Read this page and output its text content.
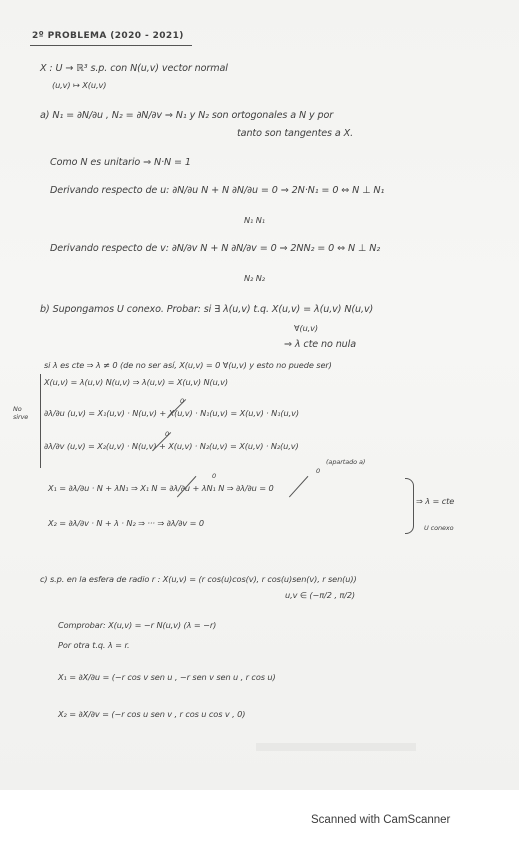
2º PROBLEMA (2020 - 2021)
X : U → ℝ³ s.p. con N(u,v) vector normal
(u,v) ↦ X(u,v)
a) N₁ = ∂N/∂u , N₂ = ∂N/∂v ⇒ N₁ y N₂ son ortogonales a N y por
tanto son tangentes a X.
Como N es unitario ⇒ N·N = 1
Derivando respecto de u: ∂N/∂u N + N ∂N/∂u = 0 ⇒ 2N·N₁ = 0 ⇔ N ⊥ N₁
N₁ N₁
Derivando respecto de v: ∂N/∂v N + N ∂N/∂v = 0 ⇒ 2NN₂ = 0 ⇔ N ⊥ N₂
N₂ N₂
b) Supongamos U conexo. Probar: si ∃ λ(u,v) t.q. X(u,v) = λ(u,v) N(u,v)
∀(u,v)
⇒ λ cte no nula
si λ es cte ⇒ λ ≠ 0 (de no ser así, X(u,v) = 0 ∀(u,v) y esto no puede ser)
X(u,v) = λ(u,v) N(u,v) ⇒ λ(u,v) = X(u,v) N(u,v)
No sirve	∂λ/∂u (u,v) = X₁(u,v) · N(u,v) + X(u,v) · N₁(u,v) = X(u,v) · N₁(u,v)
∂λ/∂v (u,v) = X₂(u,v) · N(u,v) + X(u,v) · N₂(u,v) = X(u,v) · N₂(u,v)
0
0
(apartado a)
X₁ = ∂λ/∂u · N + λN₁ ⇒ X₁ N = ∂λ/∂u + λN₁ N ⇒ ∂λ/∂u = 0
0
0
⇒ λ = cte
X₂ = ∂λ/∂v · N + λ · N₂ ⇒ ··· ⇒ ∂λ/∂v = 0	U conexo
c) s.p. en la esfera de radio r : X(u,v) = (r cos(u)cos(v), r cos(u)sen(v), r sen(u))
u,v ∈ (−π/2 , π/2)
Comprobar: X(u,v) = −r N(u,v) (λ = −r)
Por otra t.q. λ = r.
X₁ = ∂X/∂u = (−r cos v sen u , −r sen v sen u , r cos u)
X₂ = ∂X/∂v = (−r cos u sen v , r cos u cos v , 0)
Scanned with CamScanner
